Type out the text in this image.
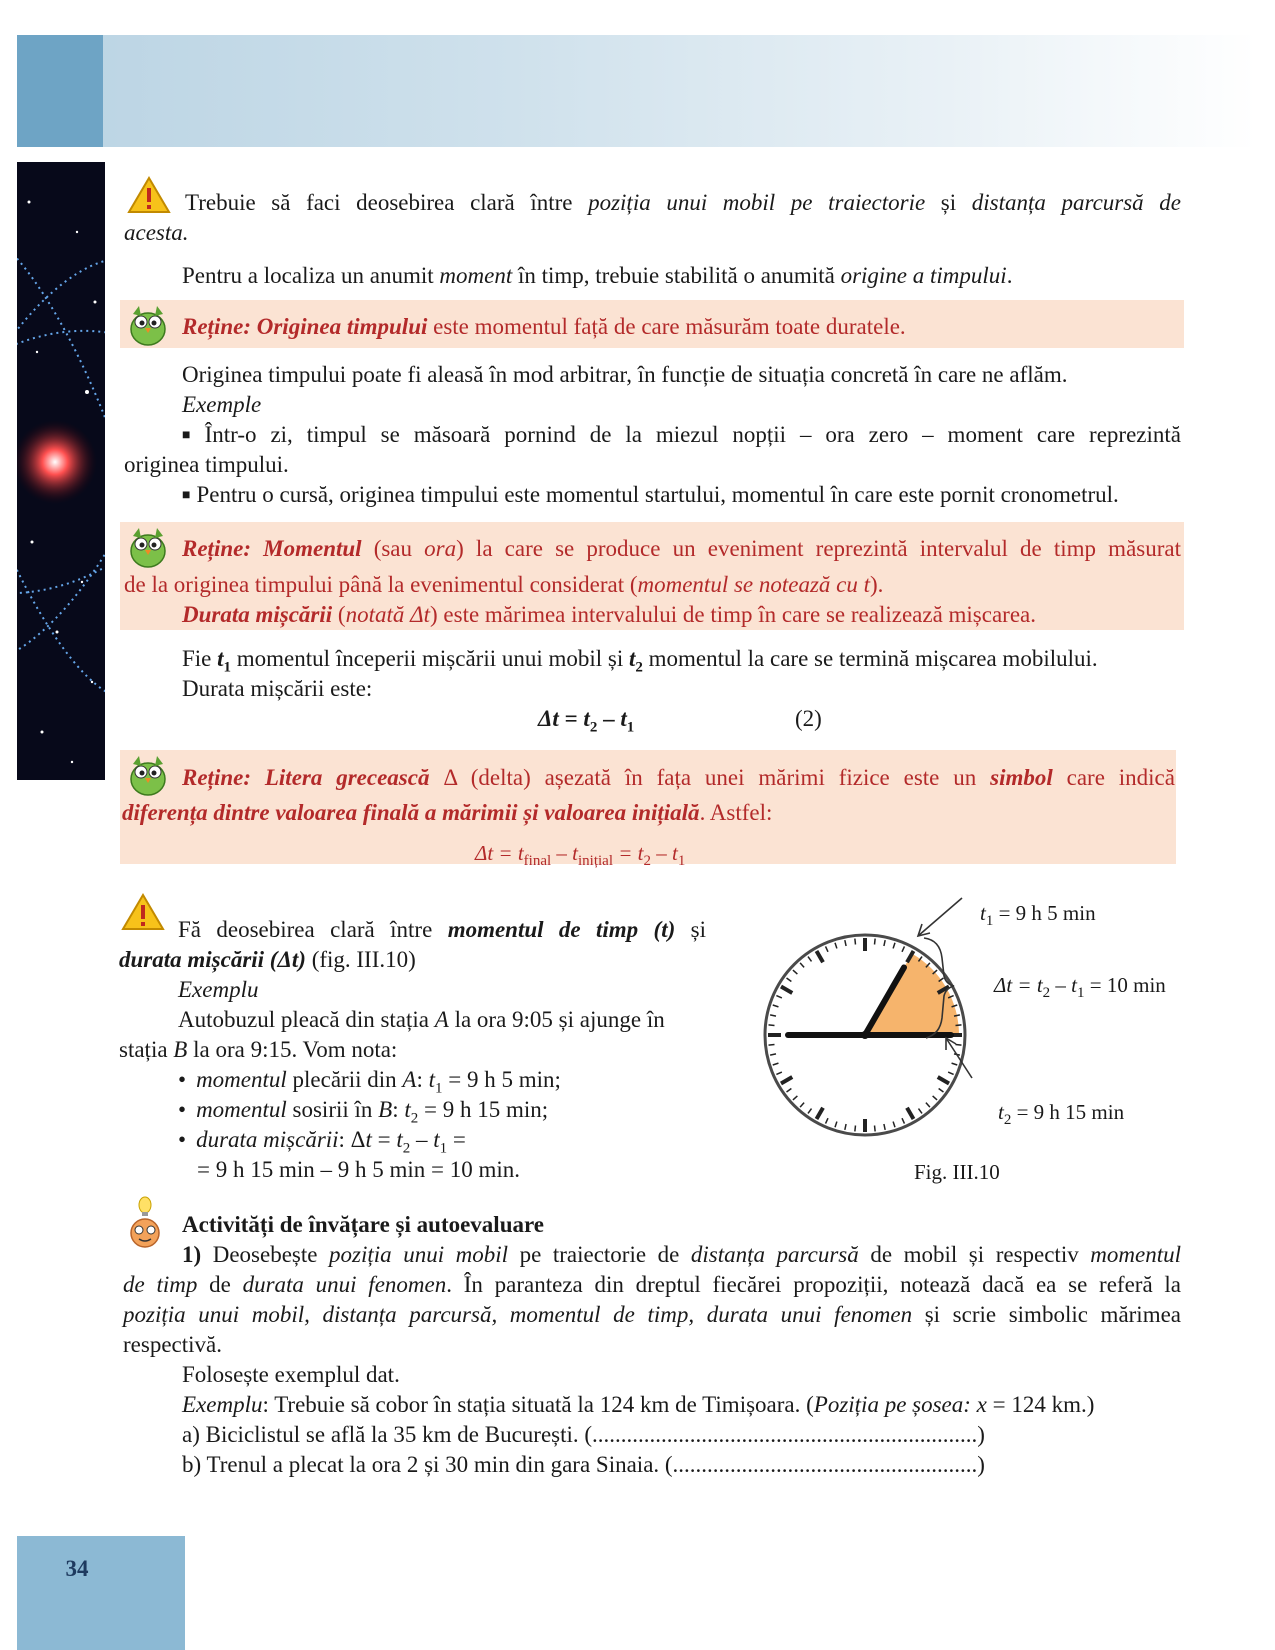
34
Trebuie să faci deosebirea clară între poziția unui mobil pe traiectorie și distanța parcursă de
acesta.
Pentru a localiza un anumit moment în timp, trebuie stabilită o anumită origine a timpului.
Reține: Originea timpului este momentul față de care măsurăm toate duratele.
Originea timpului poate fi aleasă în mod arbitrar, în funcție de situația concretă în care ne aflăm.
Exemple
■ Într-o zi, timpul se măsoară pornind de la miezul nopții – ora zero – moment care reprezintă
originea timpului.
■ Pentru o cursă, originea timpului este momentul startului, momentul în care este pornit cronometrul.
Reține: Momentul (sau ora) la care se produce un eveniment reprezintă intervalul de timp măsurat
de la originea timpului până la evenimentul considerat (momentul se notează cu t).
Durata mișcării (notată Δt) este mărimea intervalului de timp în care se realizează mișcarea.
Fie $t_1$ momentul începerii mișcării unui mobil și $t_2$ momentul la care se termină mișcarea mobilului.
Durata mișcării este:
$\Delta t = t_2 - t_1$	(2)
Reține: Litera grecească Δ (delta) așezată în fața unei mărimi fizice este un simbol care indică
diferența dintre valoarea finală a mărimii și valoarea inițială. Astfel:
$\Delta t = t_{final} - t_{inițial} = t_2 - t_1$
Fă deosebirea clară între momentul de timp (t) și
durata mișcării (Δt) (fig. III.10)
Exemplu
Autobuzul pleacă din stația A la ora 9:05 și ajunge în
stația B la ora 9:15. Vom nota:
• momentul plecării din A: $t_1 = 9$ h 5 min;
• momentul sosirii în B: $t_2 = 9$ h 15 min;
• durata mișcării: $\Delta t = t_2 - t_1$ =
= 9 h 15 min – 9 h 5 min = 10 min.
$t_1 = 9$ h 5 min
$\Delta t = t_2 - t_1 = 10$ min
$t_2 = 9$ h 15 min
Fig. III.10
Activități de învățare și autoevaluare
1) Deosebește poziția unui mobil pe traiectorie de distanța parcursă de mobil și respectiv momentul
de timp de durata unui fenomen. În paranteza din dreptul fiecărei propoziții, notează dacă ea se referă la
poziția unui mobil, distanța parcursă, momentul de timp, durata unui fenomen și scrie simbolic mărimea
respectivă.
Folosește exemplul dat.
Exemplu: Trebuie să cobor în stația situată la 124 km de Timișoara. (Poziția pe șosea: x = 124 km.)
a) Biciclistul se află la 35 km de București. (...................................................................)
b) Trenul a plecat la ora 2 și 30 min din gara Sinaia. (.....................................................)
